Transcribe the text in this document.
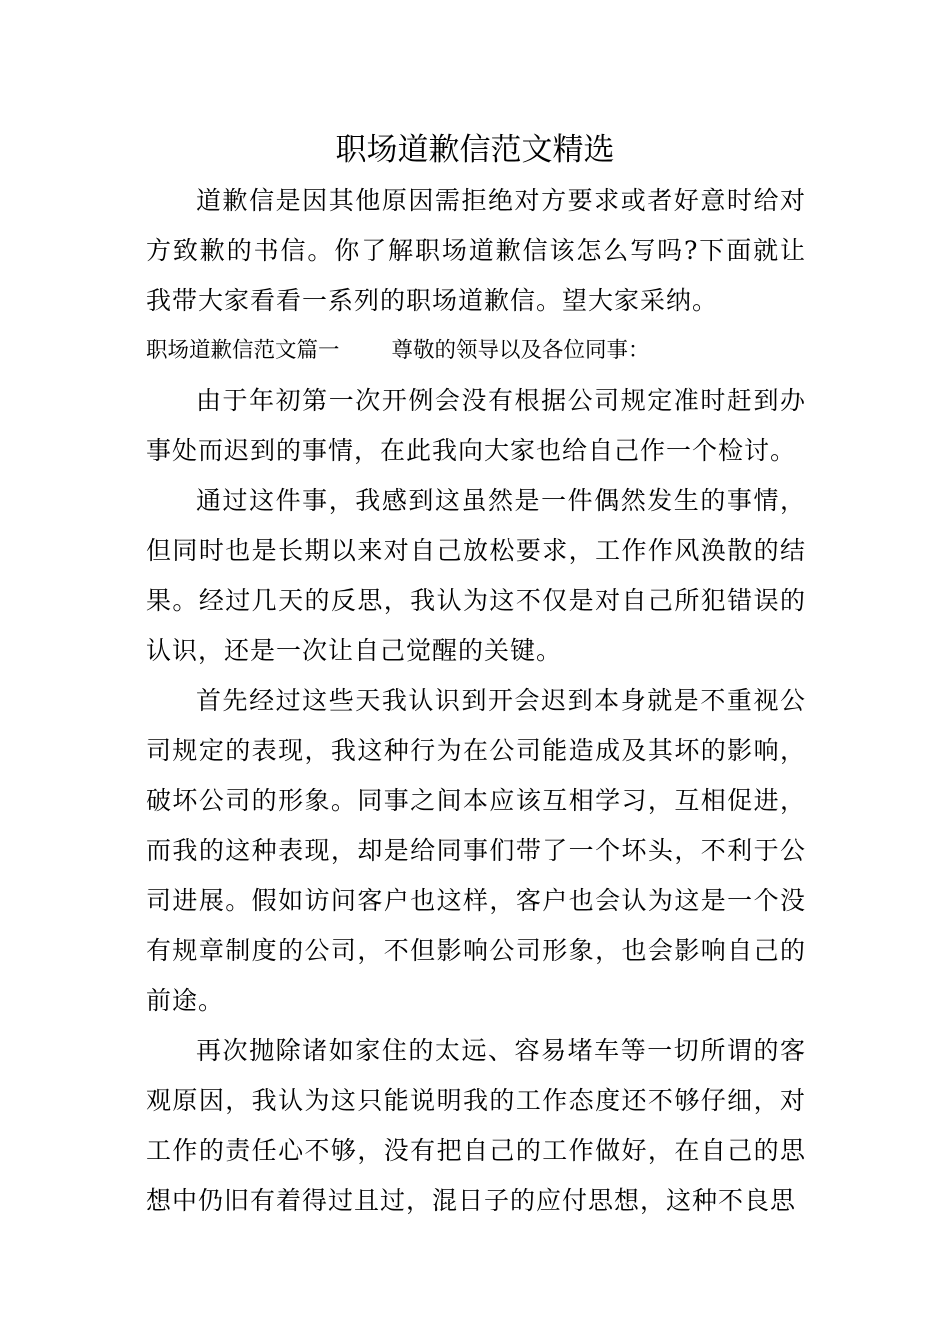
职场道歉信范文精选

道歉信是因其他原因需拒绝对方要求或者好意时给对方致歉的书信。你了解职场道歉信该怎么写吗?下面就让我带大家看看一系列的职场道歉信。望大家采纳。

职场道歉信范文篇一 尊敬的领导以及各位同事：

由于年初第一次开例会没有根据公司规定准时赶到办事处而迟到的事情，在此我向大家也给自己作一个检讨。

通过这件事，我感到这虽然是一件偶然发生的事情，但同时也是长期以来对自己放松要求，工作作风涣散的结果。经过几天的反思，我认为这不仅是对自己所犯错误的认识，还是一次让自己觉醒的关键。

首先经过这些天我认识到开会迟到本身就是不重视公司规定的表现，我这种行为在公司能造成及其坏的影响，破坏公司的形象。同事之间本应该互相学习，互相促进，而我的这种表现，却是给同事们带了一个坏头，不利于公司进展。假如访问客户也这样，客户也会认为这是一个没有规章制度的公司，不但影响公司形象，也会影响自己的前途。

再次抛除诸如家住的太远、容易堵车等一切所谓的客观原因，我认为这只能说明我的工作态度还不够仔细，对工作的责任心不够，没有把自己的工作做好，在自己的思想中仍旧有着得过且过，混日子的应付思想，这种不良思
